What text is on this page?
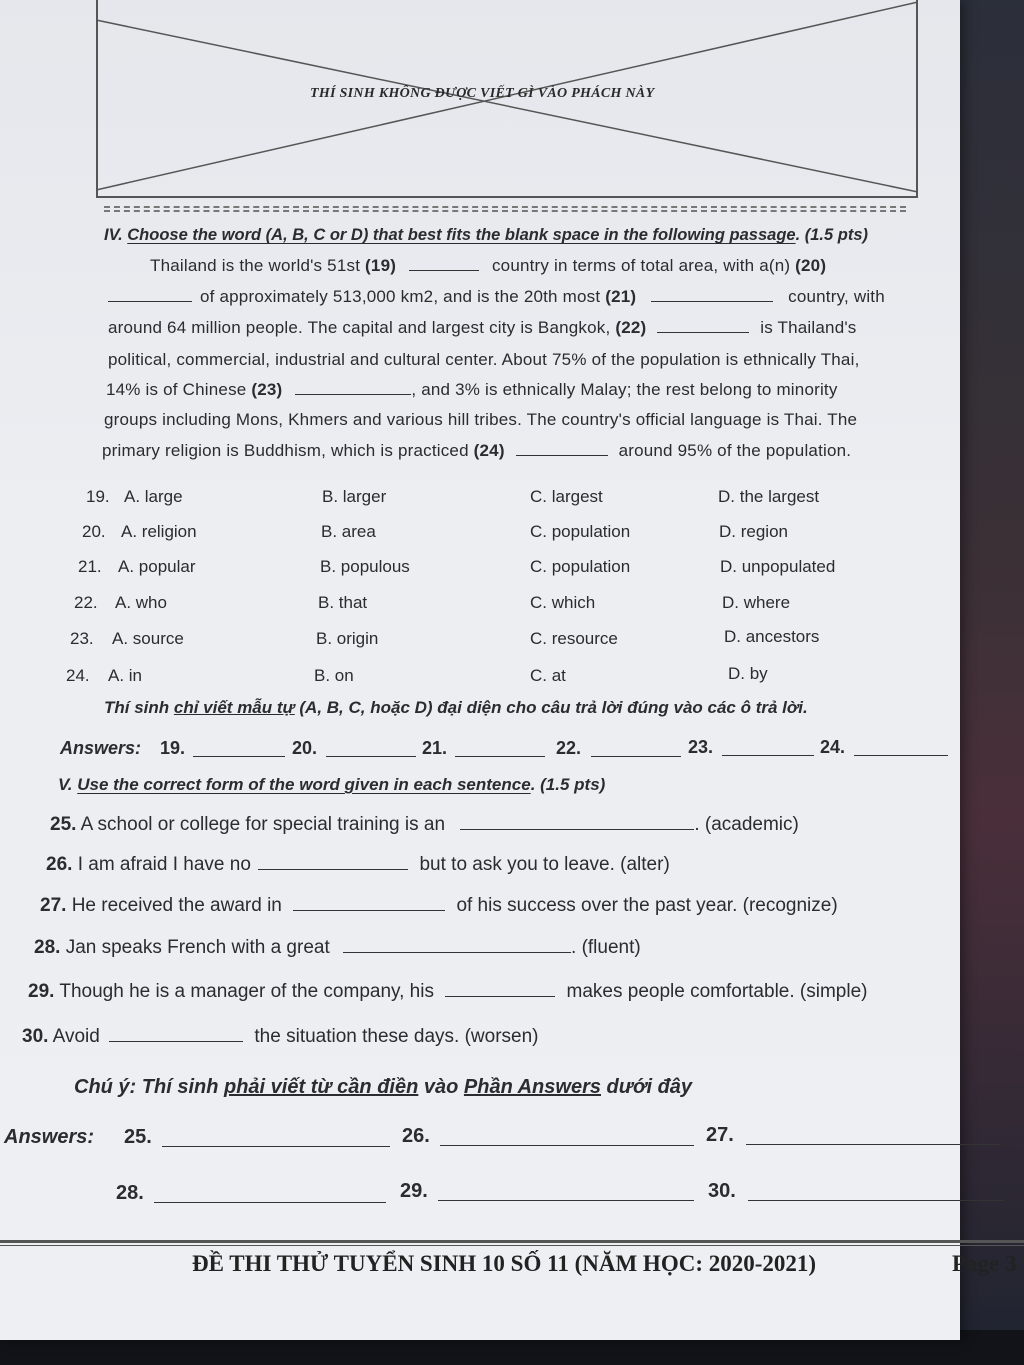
THÍ SINH KHÔNG ĐƯỢC VIẾT GÌ VÀO PHÁCH NÀY
IV. Choose the word (A, B, C or D) that best fits the blank space in the following passage. (1.5 pts)
Thailand is the world's 51st (19)	country in terms of total area, with a(n) (20)
of approximately 513,000 km2, and is the 20th most (21)	country, with
around 64 million people. The capital and largest city is Bangkok, (22)	is Thailand's
political, commercial, industrial and cultural center. About 75% of the population is ethnically Thai,
14% is of Chinese (23)	, and 3% is ethnically Malay; the rest belong to minority
groups including Mons, Khmers and various hill tribes. The country's official language is Thai. The
primary religion is Buddhism, which is practiced (24)	around 95% of the population.
19. A. large	B. larger	C. largest	D. the largest
20. A. religion	B. area	C. population	D. region
21. A. popular	B. populous	C. population	D. unpopulated
22. A. who	B. that	C. which	D. where
23. A. source	B. origin	C. resource	D. ancestors
24. A. in	B. on	C. at	D. by
Thí sinh chỉ viết mẫu tự (A, B, C, hoặc D) đại diện cho câu trả lời đúng vào các ô trả lời.
Answers: 19.	20.	21.	22.	23.	24.
V. Use the correct form of the word given in each sentence. (1.5 pts)
25. A school or college for special training is an	. (academic)
26. I am afraid I have no	but to ask you to leave. (alter)
27. He received the award in	of his success over the past year. (recognize)
28. Jan speaks French with a great	. (fluent)
29. Though he is a manager of the company, his	makes people comfortable. (simple)
30. Avoid	the situation these days. (worsen)
Chú ý: Thí sinh phải viết từ cần điền vào Phần Answers dưới đây
Answers: 25.	26.	27.
28.	29.	30.
ĐỀ THI THỬ TUYỂN SINH 10 SỐ 11 (NĂM HỌC: 2020-2021)	Page 3
